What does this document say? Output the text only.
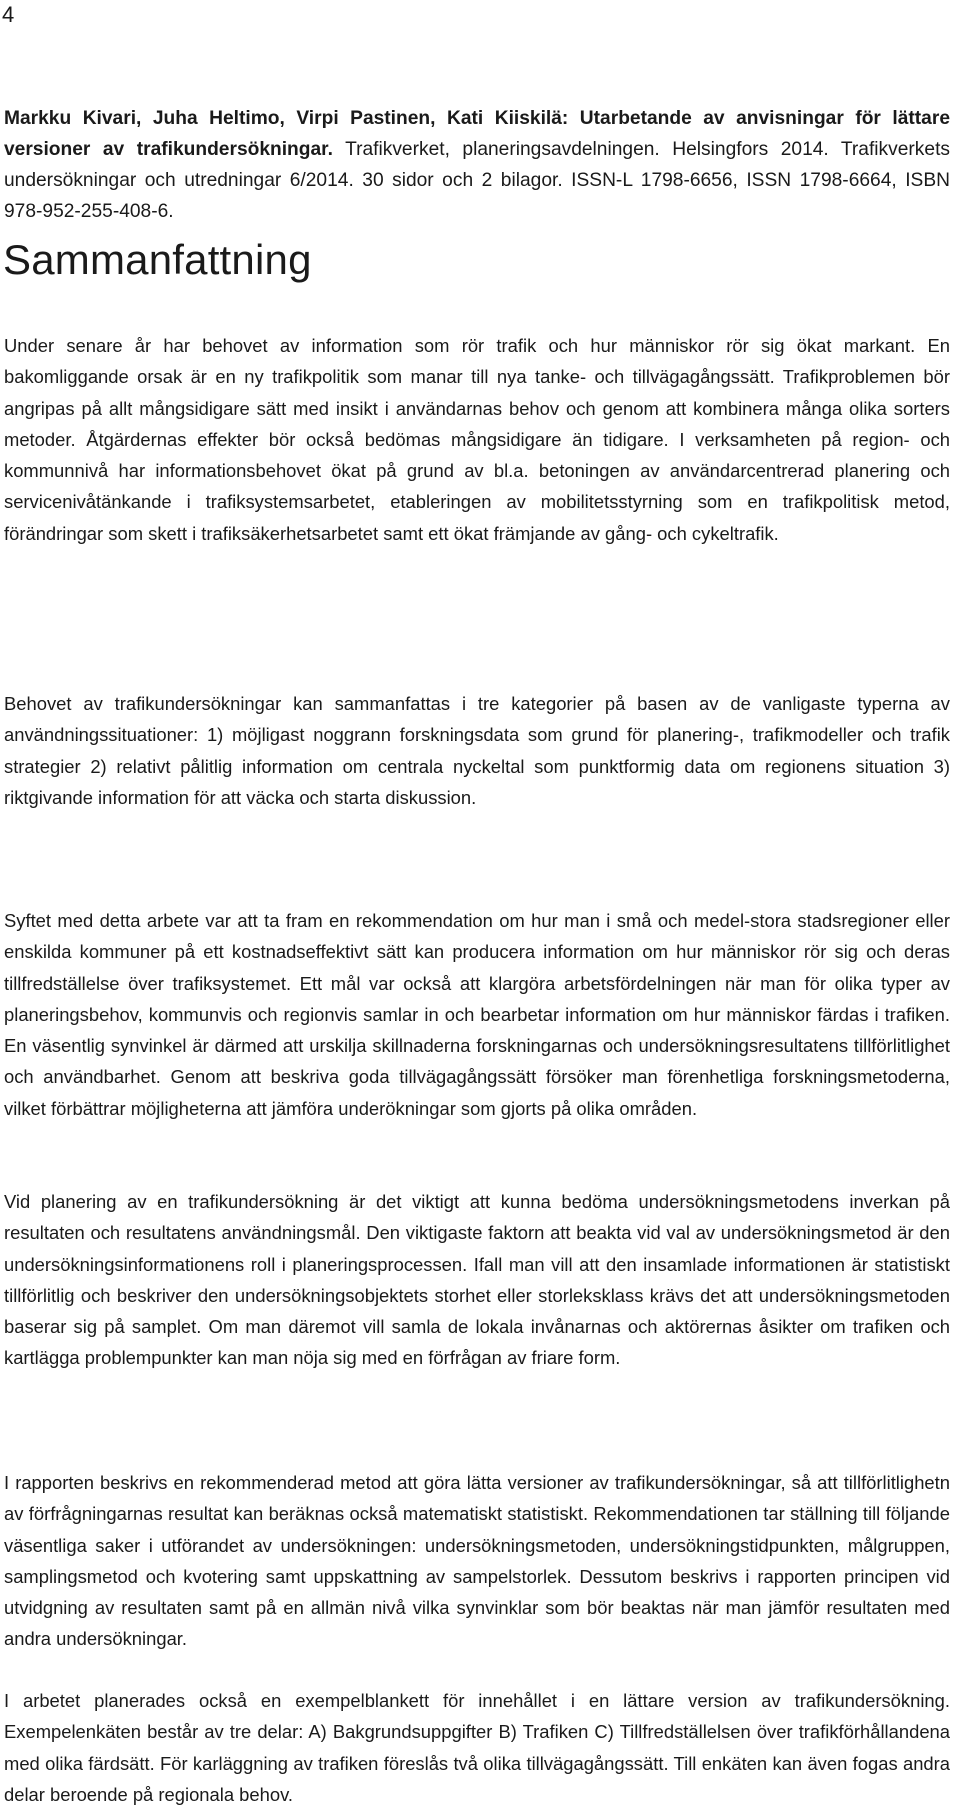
4

Markku Kivari, Juha Heltimo, Virpi Pastinen, Kati Kiiskilä: Utarbetande av anvisningar för lättare versioner av trafikundersökningar. Trafikverket, planeringsavdelningen. Helsingfors 2014. Trafikverkets undersökningar och utredningar 6/2014. 30 sidor och 2 bilagor. ISSN-L 1798-6656, ISSN 1798-6664, ISBN 978-952-255-408-6.

Sammanfattning

Under senare år har behovet av information som rör trafik och hur människor rör sig ökat markant. En bakomliggande orsak är en ny trafikpolitik som manar till nya tanke- och tillvägagångssätt. Trafikproblemen bör angripas på allt mångsidigare sätt med insikt i användarnas behov och genom att kombinera många olika sorters metoder. Åtgärdernas effekter bör också bedömas mångsidigare än tidigare. I verksamheten på region- och kommunnivå har informationsbehovet ökat på grund av bl.a. betoningen av användarcentrerad planering och servicenivåtänkande i trafiksystemsarbetet, etableringen av mobilitetsstyrning som en trafikpolitisk metod, förändringar som skett i trafiksäkerhetsarbetet samt ett ökat främjande av gång- och cykeltrafik.

Behovet av trafikundersökningar kan sammanfattas i tre kategorier på basen av de vanligaste typerna av användningssituationer: 1) möjligast noggrann forskningsdata som grund för planering-, trafikmodeller och trafik strategier 2) relativt pålitlig information om centrala nyckeltal som punktformig data om regionens situation 3) riktgivande information för att väcka och starta diskussion.

Syftet med detta arbete var att ta fram en rekommendation om hur man i små och medel-stora stadsregioner eller enskilda kommuner på ett kostnadseffektivt sätt kan producera information om hur människor rör sig och deras tillfredställelse över trafiksystemet. Ett mål var också att klargöra arbetsfördelningen när man för olika typer av planeringsbehov, kommunvis och regionvis samlar in och bearbetar information om hur människor färdas i trafiken. En väsentlig synvinkel är därmed att urskilja skillnaderna forskningarnas och undersökningsresultatens tillförlitlighet och användbarhet. Genom att beskriva goda tillvägagångssätt försöker man förenhetliga forskningsmetoderna, vilket förbättrar möjligheterna att jämföra underökningar som gjorts på olika områden.

Vid planering av en trafikundersökning är det viktigt att kunna bedöma undersökningsmetodens inverkan på resultaten och resultatens användningsmål. Den viktigaste faktorn att beakta vid val av undersökningsmetod är den undersökningsinformationens roll i planeringsprocessen. Ifall man vill att den insamlade informationen är statistiskt tillförlitlig och beskriver den undersökningsobjektets storhet eller storleksklass krävs det att undersökningsmetoden baserar sig på samplet. Om man däremot vill samla de lokala invånarnas och aktörernas åsikter om trafiken och kartlägga problempunkter kan man nöja sig med en förfrågan av friare form.

I rapporten beskrivs en rekommenderad metod att göra lätta versioner av trafikundersökningar, så att tillförlitlighetn av förfrågningarnas resultat kan beräknas också matematiskt statistiskt. Rekommendationen tar ställning till följande väsentliga saker i utförandet av undersökningen: undersökningsmetoden, undersökningstidpunkten, målgruppen, samplingsmetod och kvotering samt uppskattning av sampelstorlek. Dessutom beskrivs i rapporten principen vid utvidgning av resultaten samt på en allmän nivå vilka synvinklar som bör beaktas när man jämför resultaten med andra undersökningar.

I arbetet planerades också en exempelblankett för innehållet i en lättare version av trafikundersökning. Exempelenkäten består av tre delar: A) Bakgrundsuppgifter B) Trafiken C) Tillfredställelsen över trafikförhållandena med olika färdsätt. För karläggning av trafiken föreslås två olika tillvägagångssätt. Till enkäten kan även fogas andra delar beroende på regionala behov.
